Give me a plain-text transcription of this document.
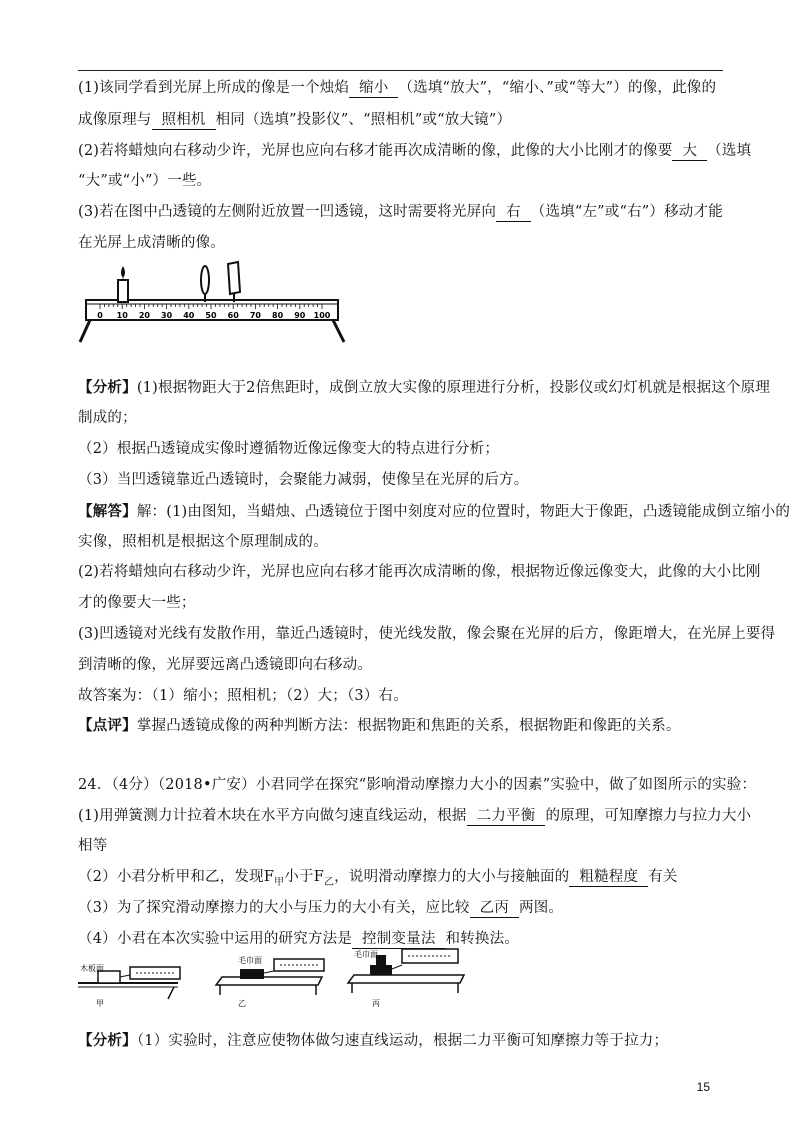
(1)该同学看到光屏上所成的像是一个烛焰 缩小 （选填“放大”，“缩小、”或“等大”）的像，此像的
成像原理与 照相机 相同（选填”投影仪”、“照相机”或“放大镜”）
(2)若将蜡烛向右移动少许，光屏也应向右移才能再次成清晰的像，此像的大小比刚才的像要 大 （选填
“大”或“小”）一些。
(3)若在图中凸透镜的左侧附近放置一凹透镜，这时需要将光屏向 右 （选填“左”或“右”）移动才能
在光屏上成清晰的像。
0 10 20 30 40 50 60 70 80 90 100
【分析】(1)根据物距大于2倍焦距时，成倒立放大实像的原理进行分析，投影仪或幻灯机就是根据这个原理
制成的；
（2）根据凸透镜成实像时遵循物近像远像变大的特点进行分析；
（3）当凹透镜靠近凸透镜时，会聚能力减弱，使像呈在光屏的后方。
【解答】解：(1)由图知，当蜡烛、凸透镜位于图中刻度对应的位置时，物距大于像距，凸透镜能成倒立缩小的
实像，照相机是根据这个原理制成的。
(2)若将蜡烛向右移动少许，光屏也应向右移才能再次成清晰的像，根据物近像远像变大，此像的大小比刚
才的像要大一些；
(3)凹透镜对光线有发散作用，靠近凸透镜时，使光线发散，像会聚在光屏的后方，像距增大，在光屏上要得
到清晰的像，光屏要远离凸透镜即向右移动。
故答案为：（1）缩小；照相机；（2）大；（3）右。
【点评】掌握凸透镜成像的两种判断方法：根据物距和焦距的关系，根据物距和像距的关系。
24．（4分）（2018•广安）小君同学在探究“影响滑动摩擦力大小的因素”实验中，做了如图所示的实验：
(1)用弹簧测力计拉着木块在水平方向做匀速直线运动，根据 二力平衡 的原理，可知摩擦力与拉力大小
相等
（2）小君分析甲和乙，发现$F_甲$小于$F_乙$，说明滑动摩擦力的大小与接触面的 粗糙程度 有关
（3）为了探究滑动摩擦力的大小与压力的大小有关，应比较 乙丙 两图。
（4）小君在本次实验中运用的研究方法是 控制变量法 和转换法。
木板面
甲
毛巾面
乙
毛巾面
丙
【分析】（1）实验时，注意应使物体做匀速直线运动，根据二力平衡可知摩擦力等于拉力；
15
